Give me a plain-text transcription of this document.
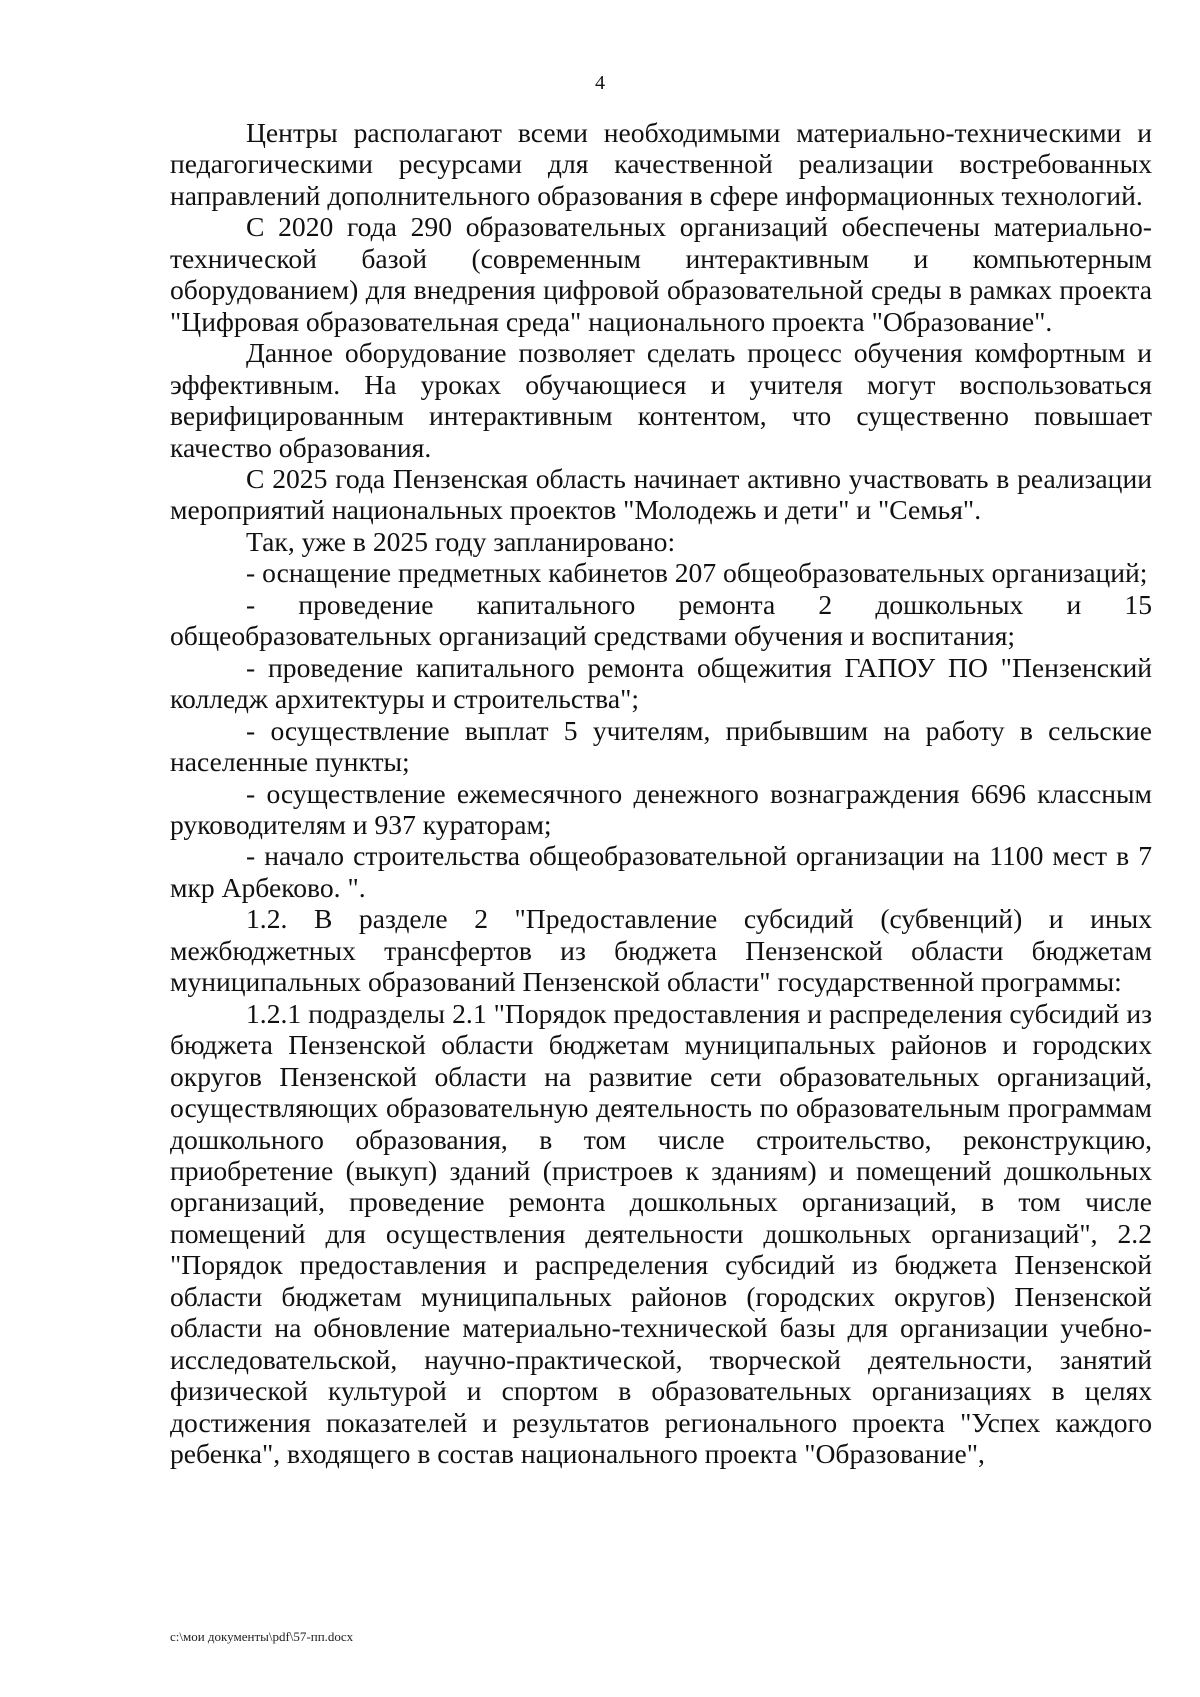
4

Центры располагают всеми необходимыми материально-техническими и педагогическими ресурсами для качественной реализации востребованных направлений дополнительного образования в сфере информационных технологий.

С 2020 года 290 образовательных организаций обеспечены материально-технической базой (современным интерактивным и компьютерным оборудованием) для внедрения цифровой образовательной среды в рамках проекта "Цифровая образовательная среда" национального проекта "Образование".

Данное оборудование позволяет сделать процесс обучения комфортным и эффективным. На уроках обучающиеся и учителя могут воспользоваться верифицированным интерактивным контентом, что существенно повышает качество образования.

С 2025 года Пензенская область начинает активно участвовать в реализации мероприятий национальных проектов "Молодежь и дети" и "Семья".

Так, уже в 2025 году запланировано:

- оснащение предметных кабинетов 207 общеобразовательных организаций;

- проведение капитального ремонта 2 дошкольных и 15 общеобразовательных организаций средствами обучения и воспитания;

- проведение капитального ремонта общежития ГАПОУ ПО "Пензенский колледж архитектуры и строительства";

- осуществление выплат 5 учителям, прибывшим на работу в сельские населенные пункты;

- осуществление ежемесячного денежного вознаграждения 6696 классным руководителям и 937 кураторам;

- начало строительства общеобразовательной организации на 1100 мест в 7 мкр Арбеково. ".

1.2. В разделе 2 "Предоставление субсидий (субвенций) и иных межбюджетных трансфертов из бюджета Пензенской области бюджетам муниципальных образований Пензенской области" государственной программы:

1.2.1 подразделы 2.1 "Порядок предоставления и распределения субсидий из бюджета Пензенской области бюджетам муниципальных районов и городских округов Пензенской области на развитие сети образовательных организаций, осуществляющих образовательную деятельность по образовательным программам дошкольного образования, в том числе строительство, реконструкцию, приобретение (выкуп) зданий (пристроев к зданиям) и помещений дошкольных организаций, проведение ремонта дошкольных организаций, в том числе помещений для осуществления деятельности дошкольных организаций", 2.2 "Порядок предоставления и распределения субсидий из бюджета Пензенской области бюджетам муниципальных районов (городских округов) Пензенской области на обновление материально-технической базы для организации учебно-исследовательской, научно-практической, творческой деятельности, занятий физической культурой и спортом в образовательных организациях в целях достижения показателей и результатов регионального проекта "Успех каждого ребенка", входящего в состав национального проекта "Образование",

c:\мои документы\pdf\57-пп.docx
